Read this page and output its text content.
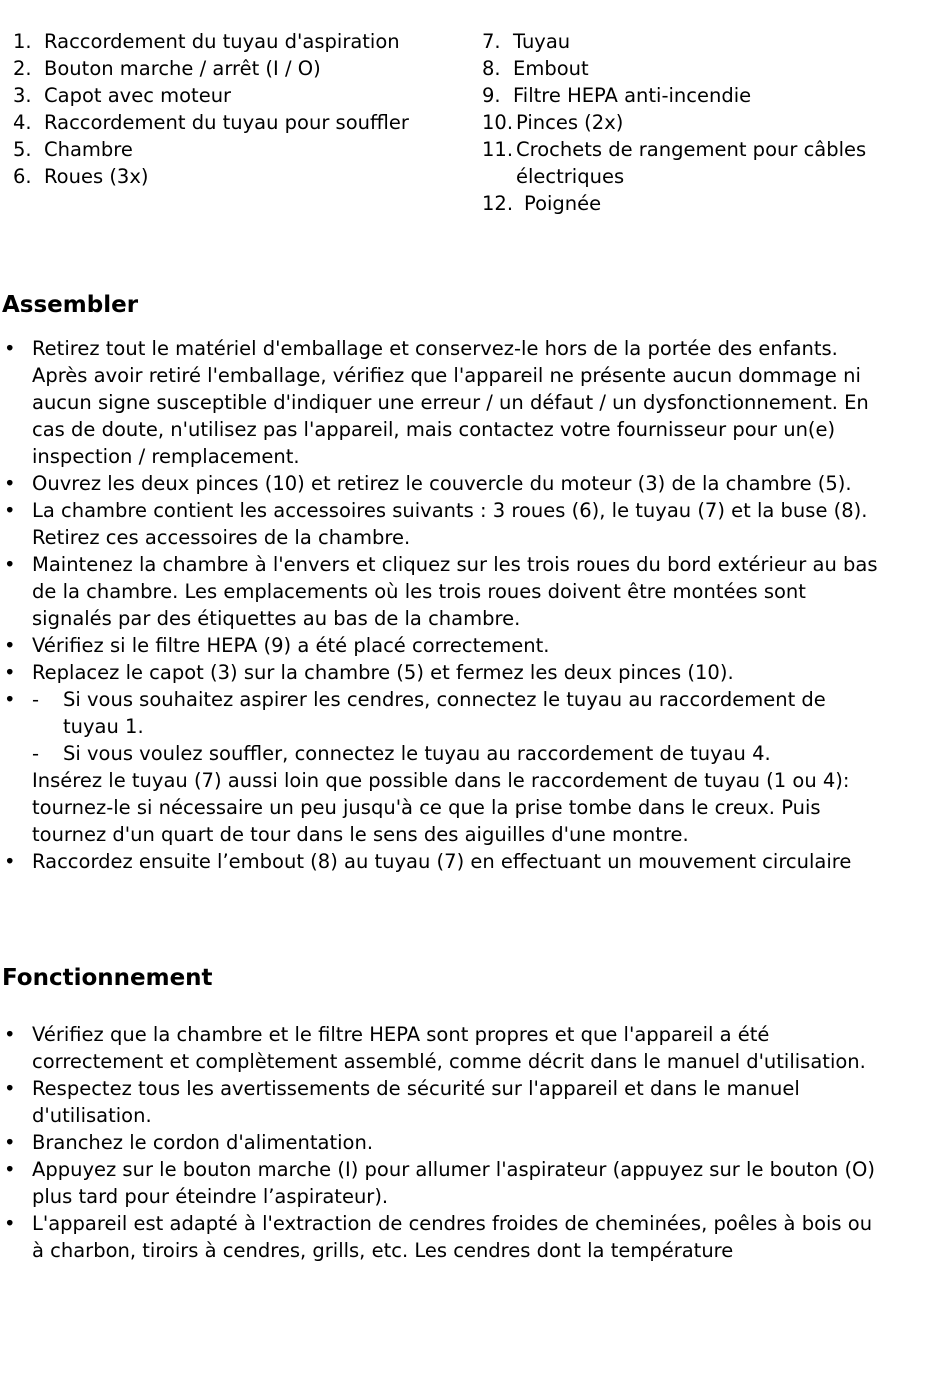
1. Raccordement du tuyau d'aspiration
2. Bouton marche / arrêt (I / O)
3. Capot avec moteur
4. Raccordement du tuyau pour souffler
5. Chambre
6. Roues (3x)
7. Tuyau
8. Embout
9. Filtre HEPA anti-incendie
10. Pinces (2x)
11. Crochets de rangement pour câbles électriques
12. Poignée
Assembler
• Retirez tout le matériel d'emballage et conservez-le hors de la portée des enfants. Après avoir retiré l'emballage, vérifiez que l'appareil ne présente aucun dommage ni aucun signe susceptible d'indiquer une erreur / un défaut / un dysfonctionnement. En cas de doute, n'utilisez pas l'appareil, mais contactez votre fournisseur pour un(e) inspection / remplacement.
• Ouvrez les deux pinces (10) et retirez le couvercle du moteur (3) de la chambre (5).
• La chambre contient les accessoires suivants : 3 roues (6), le tuyau (7) et la buse (8). Retirez ces accessoires de la chambre.
• Maintenez la chambre à l'envers et cliquez sur les trois roues du bord extérieur au bas de la chambre. Les emplacements où les trois roues doivent être montées sont signalés par des étiquettes au bas de la chambre.
• Vérifiez si le filtre HEPA (9) a été placé correctement.
• Replacez le capot (3) sur la chambre (5) et fermez les deux pinces (10).
• - Si vous souhaitez aspirer les cendres, connectez le tuyau au raccordement de tuyau 1.
- Si vous voulez souffler, connectez le tuyau au raccordement de tuyau 4.
Insérez le tuyau (7) aussi loin que possible dans le raccordement de tuyau (1 ou 4): tournez-le si nécessaire un peu jusqu'à ce que la prise tombe dans le creux. Puis tournez d'un quart de tour dans le sens des aiguilles d'une montre.
• Raccordez ensuite l’embout (8) au tuyau (7) en effectuant un mouvement circulaire
Fonctionnement
• Vérifiez que la chambre et le filtre HEPA sont propres et que l'appareil a été correctement et complètement assemblé, comme décrit dans le manuel d'utilisation.
• Respectez tous les avertissements de sécurité sur l'appareil et dans le manuel d'utilisation.
• Branchez le cordon d'alimentation.
• Appuyez sur le bouton marche (I) pour allumer l'aspirateur (appuyez sur le bouton (O) plus tard pour éteindre l’aspirateur).
• L'appareil est adapté à l'extraction de cendres froides de cheminées, poêles à bois ou à charbon, tiroirs à cendres, grills, etc. Les cendres dont la température
